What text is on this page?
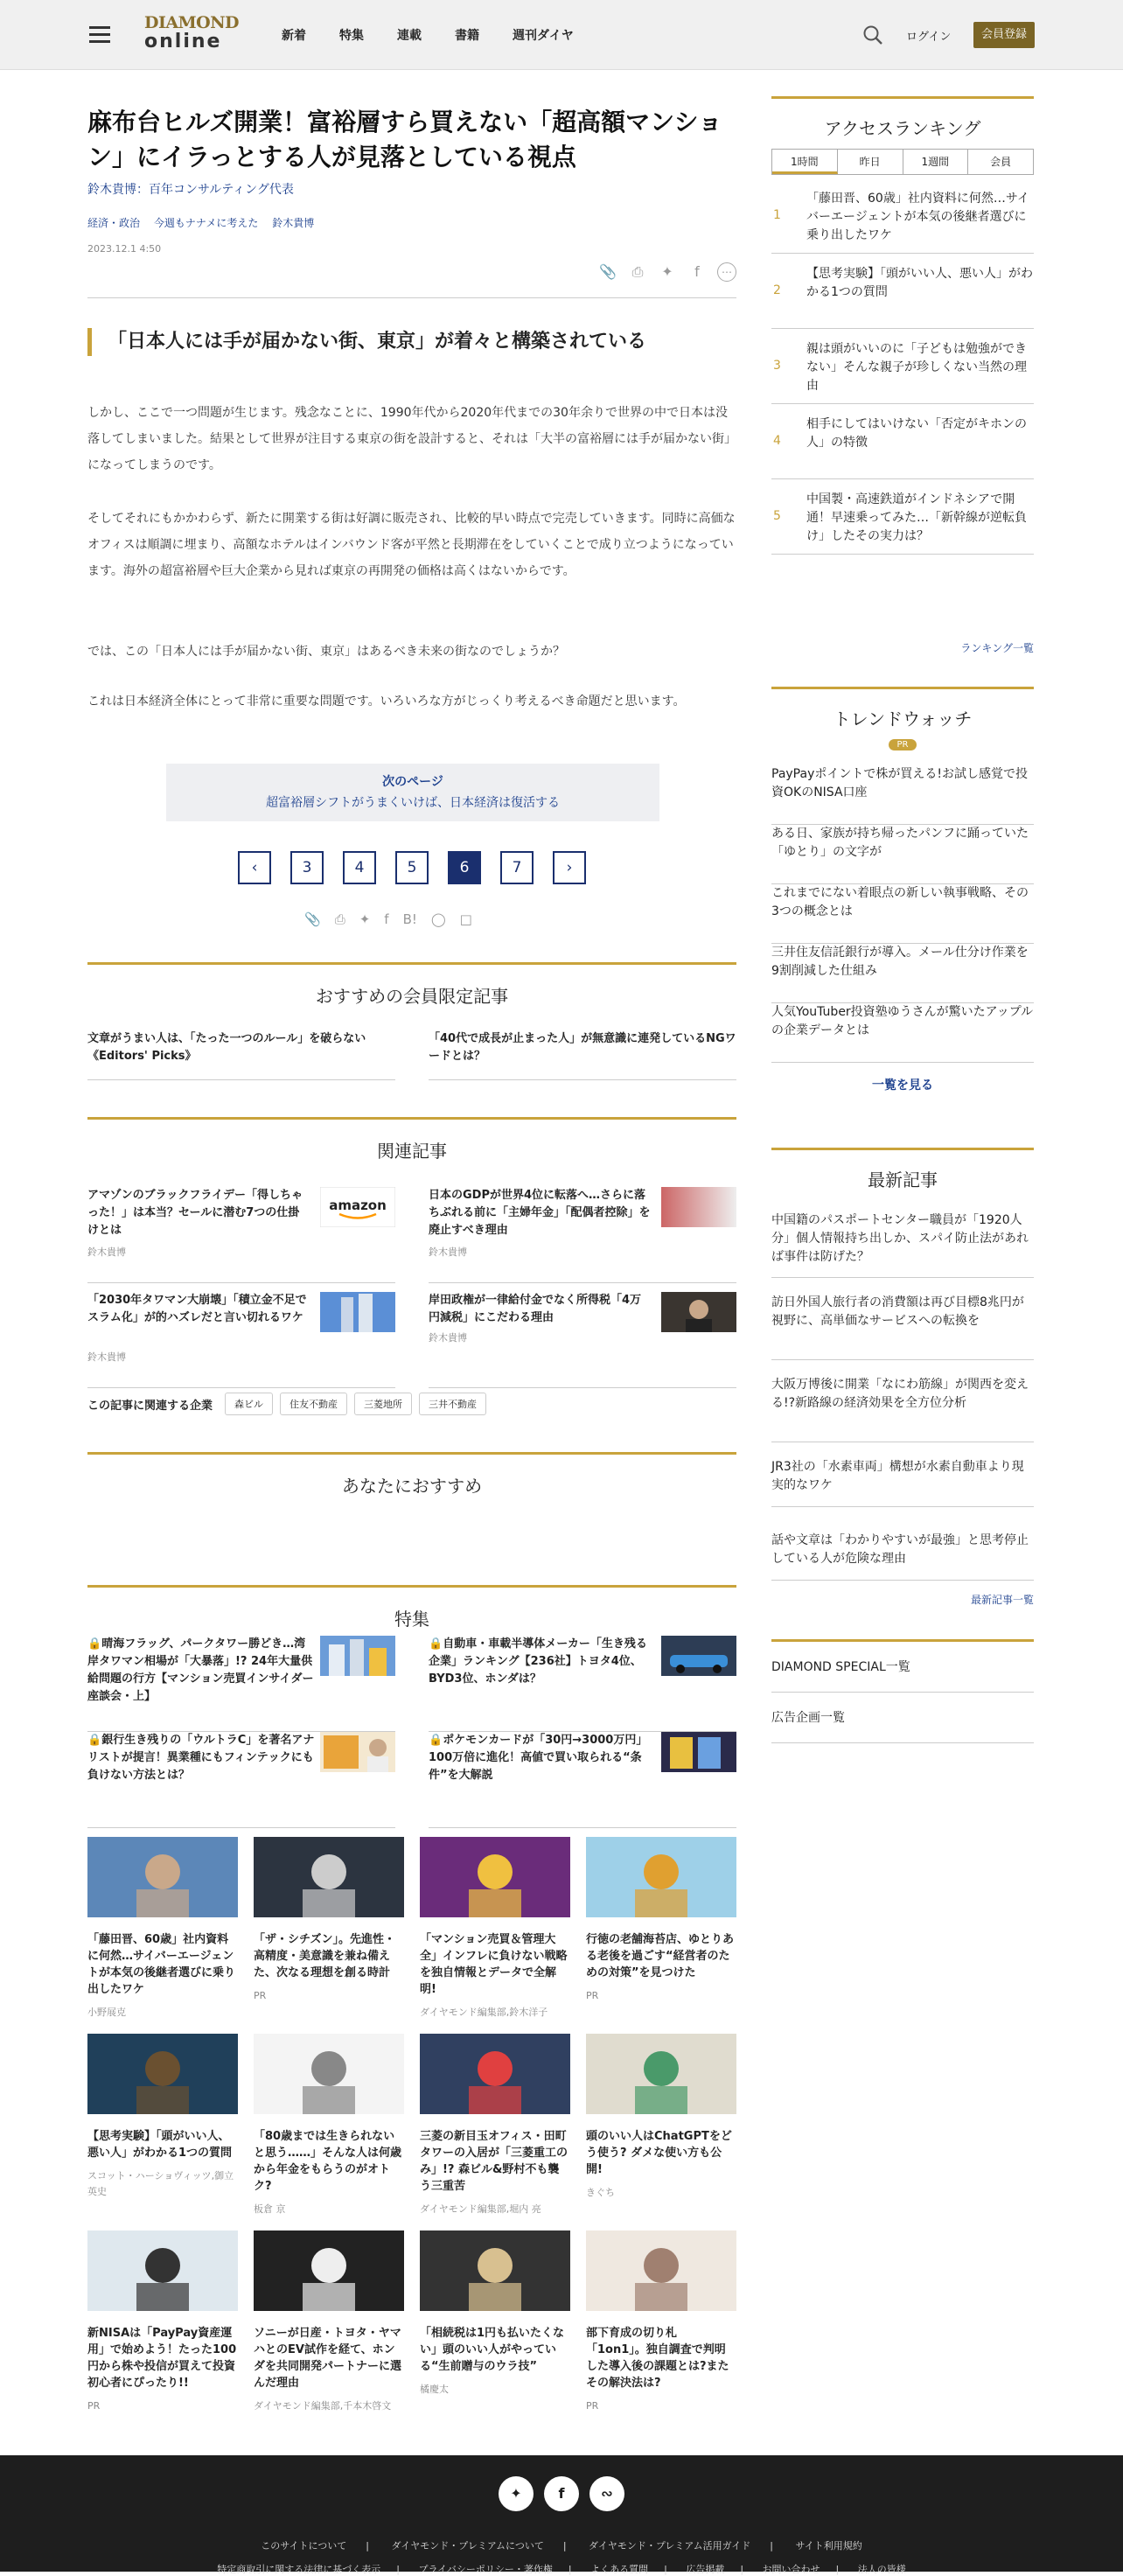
DIAMOND
online	新着	特集	連載	書籍	週刊ダイヤ	ログイン	会員登録
麻布台ヒルズ開業！富裕層すら買えない「超高額マンション」にイラっとする人が見落としている視点
鈴木貴博：百年コンサルティング代表
経済・政治 今週もナナメに考えた 鈴木貴博
2023.12.1 4:50
📎 ⎙ ✦	f	⋯
「日本人には手が届かない街、東京」が着々と構築されている

しかし、ここで一つ問題が生じます。残念なことに、1990年代から2020年代までの30年余りで世界の中で日本は没落してしまいました。結果として世界が注目する東京の街を設計すると、それは「大半の富裕層には手が届かない街」になってしまうのです。

そしてそれにもかかわらず、新たに開業する街は好調に販売され、比較的早い時点で完売していきます。同時に高価なオフィスは順調に埋まり、高額なホテルはインバウンド客が平然と長期滞在をしていくことで成り立つようになっています。海外の超富裕層や巨大企業から見れば東京の再開発の価格は高くはないからです。

では、この「日本人には手が届かない街、東京」はあるべき未来の街なのでしょうか？

これは日本経済全体にとって非常に重要な問題です。いろいろな方がじっくり考えるべき命題だと思います。

次のページ
超富裕層シフトがうまくいけば、日本経済は復活する
‹	3	4	5	6	7	›
📎 ⎙ ✦ f B! ◯ □
おすすめの会員限定記事
文章がうまい人は、「たった一つのルール」を破らない《Editors' Picks》
「40代で成長が止まった人」が無意識に連発しているNGワードとは？
関連記事
アマゾンのブラックフライデー「得しちゃった！」は本当？セールに潜む7つの仕掛けとは
鈴木貴博
amazon
日本のGDPが世界4位に転落へ…さらに落ちぶれる前に「主婦年金」「配偶者控除」を廃止すべき理由
鈴木貴博
「2030年タワマン大崩壊」「積立金不足でスラム化」が的ハズレだと言い切れるワケ
鈴木貴博
岸田政権が一律給付金でなく所得税「4万円減税」にこだわる理由
鈴木貴博
この記事に関連する企業	森ビル	住友不動産	三菱地所	三井不動産
あなたにおすすめ
特集
🔒晴海フラッグ、パークタワー勝どき…湾岸タワマン相場が「大暴落」!? 24年大量供給問題の行方【マンション売買インサイダー座談会・上】
🔒自動車・車載半導体メーカー「生き残る企業」ランキング【236社】トヨタ4位、BYD3位、ホンダは？
🔒銀行生き残りの「ウルトラC」を著名アナリストが提言！異業種にもフィンテックにも負けない方法とは？
🔒ポケモンカードが「30円→3000万円」100万倍に進化！高値で買い取られる“条件”を大解説
「藤田晋、60歳」社内資料に何然…サイバーエージェントが本気の後継者選びに乗り出したワケ
小野展克
「ザ・シチズン」。先進性・高精度・美意識を兼ね備えた、次なる理想を創る時計
PR
「マンション売買＆管理大全」インフレに負けない戦略を独自情報とデータで全解明!
ダイヤモンド編集部,鈴木洋子
行徳の老舗海苔店、ゆとりある老後を過ごす“経営者のための対策”を見つけた
PR
【思考実験】「頭がいい人、悪い人」がわかる1つの質問
スコット・ハーショヴィッツ,御立英史
「80歳までは生きられないと思う……」そんな人は何歳から年金をもらうのがオトク?
板倉 京
三菱の新目玉オフィス・田町タワーの入居が「三菱重工のみ」!? 森ビル&野村不も襲う三重苦
ダイヤモンド編集部,堀内 亮
頭のいい人はChatGPTをどう使う? ダメな使い方も公開!
きぐち
新NISAは「PayPay資産運用」で始めよう！たった100円から株や投信が買えて投資初心者にぴったり!!
PR
ソニーが日産・トヨタ・ヤマハとのEV試作を経て、ホンダを共同開発パートナーに選んだ理由
ダイヤモンド編集部,千本木啓文
「相続税は1円も払いたくない」頭のいい人がやっている“生前贈与のウラ技”
橘慶太
部下育成の切り札「1on1」。独自調査で判明した導入後の課題とは?またその解決法は?
PR
アクセスランキング
1時間	昨日	1週間	会員
1
「藤田晋、60歳」社内資料に何然…サイバーエージェントが本気の後継者選びに乗り出したワケ
2
【思考実験】「頭がいい人、悪い人」がわかる1つの質問
3
親は頭がいいのに「子どもは勉強ができない」そんな親子が珍しくない当然の理由
4
相手にしてはいけない「否定がキホンの人」の特徴
5
中国製・高速鉄道がインドネシアで開通！早速乗ってみた…「新幹線が逆転負け」したその実力は？
ランキング一覧
トレンドウォッチ
PR
PayPayポイントで株が買える!お試し感覚で投資OKのNISA口座
ある日、家族が持ち帰ったパンフに踊っていた「ゆとり」の文字が
これまでにない着眼点の新しい執事戦略、その3つの概念とは
三井住友信託銀行が導入。メール仕分け作業を9割削減した仕組み
人気YouTuber投資塾ゆうさんが驚いたアップルの企業データとは
一覧を見る
最新記事
中国籍のパスポートセンター職員が「1920人分」個人情報持ち出しか、スパイ防止法があれば事件は防げた？
訪日外国人旅行者の消費額は再び目標8兆円が視野に、高単価なサービスへの転換を
大阪万博後に開業「なにわ筋線」が関西を変える!?新路線の経済効果を全方位分析
JR3社の「水素車両」構想が水素自動車より現実的なワケ
話や文章は「わかりやすいが最強」と思考停止している人が危険な理由
最新記事一覧
DIAMOND SPECIAL一覧
広告企画一覧
✦	f	∾
このサイトについて | ダイヤモンド・プレミアムについて | ダイヤモンド・プレミアム活用ガイド | サイト利用規約
特定商取引に関する法律に基づく表示 | プライバシーポリシー・著作権 | よくある質問 | 広告掲載 | お問い合わせ | 法人の皆様
